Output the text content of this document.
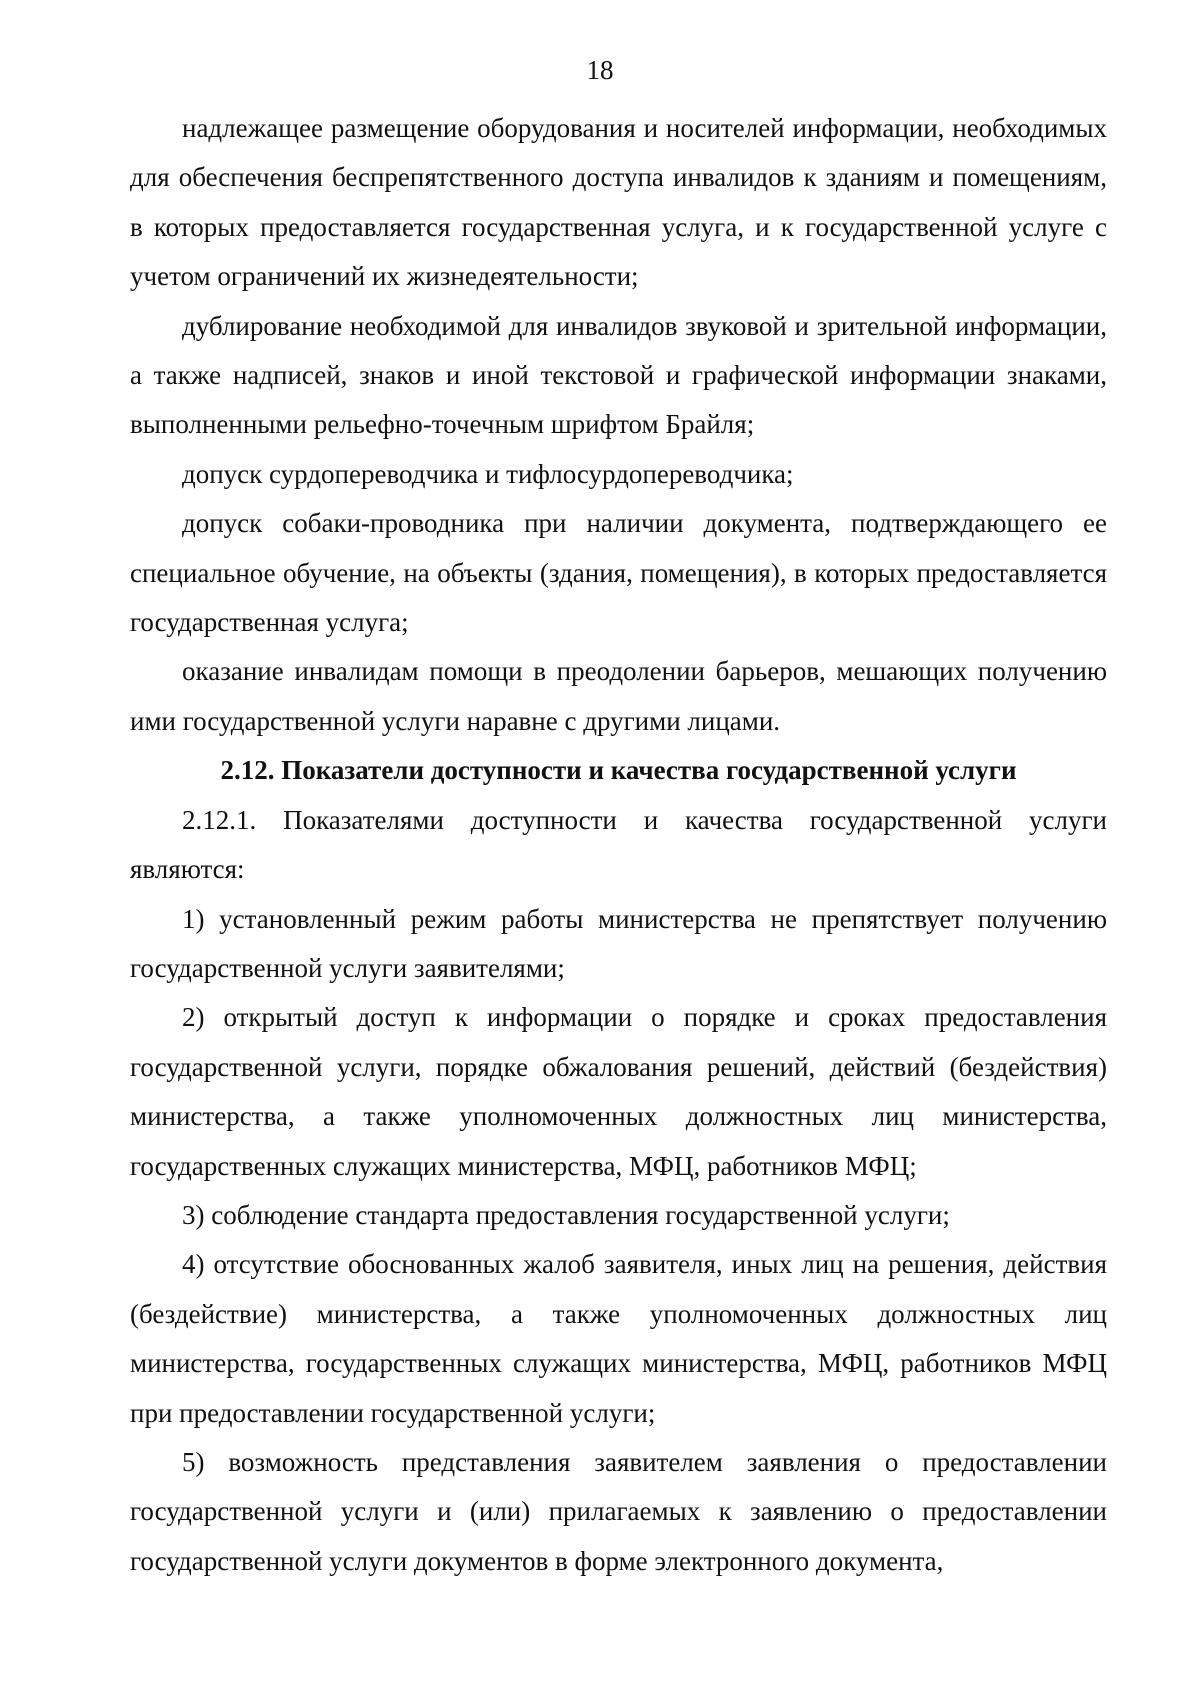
18

надлежащее размещение оборудования и носителей информации, необходимых для обеспечения беспрепятственного доступа инвалидов к зданиям и помещениям, в которых предоставляется государственная услуга, и к государственной услуге с учетом ограничений их жизнедеятельности;

дублирование необходимой для инвалидов звуковой и зрительной информации, а также надписей, знаков и иной текстовой и графической информации знаками, выполненными рельефно-точечным шрифтом Брайля;

допуск сурдопереводчика и тифлосурдопереводчика;

допуск собаки-проводника при наличии документа, подтверждающего ее специальное обучение, на объекты (здания, помещения), в которых предоставляется государственная услуга;

оказание инвалидам помощи в преодолении барьеров, мешающих получению ими государственной услуги наравне с другими лицами.

2.12. Показатели доступности и качества государственной услуги

2.12.1. Показателями доступности и качества государственной услуги являются:

1) установленный режим работы министерства не препятствует получению государственной услуги заявителями;

2) открытый доступ к информации о порядке и сроках предоставления государственной услуги, порядке обжалования решений, действий (бездействия) министерства, а также уполномоченных должностных лиц министерства, государственных служащих министерства, МФЦ, работников МФЦ;

3) соблюдение стандарта предоставления государственной услуги;

4) отсутствие обоснованных жалоб заявителя, иных лиц на решения, действия (бездействие) министерства, а также уполномоченных должностных лиц министерства, государственных служащих министерства, МФЦ, работников МФЦ при предоставлении государственной услуги;

5) возможность представления заявителем заявления о предоставлении государственной услуги и (или) прилагаемых к заявлению о предоставлении государственной услуги документов в форме электронного документа,
